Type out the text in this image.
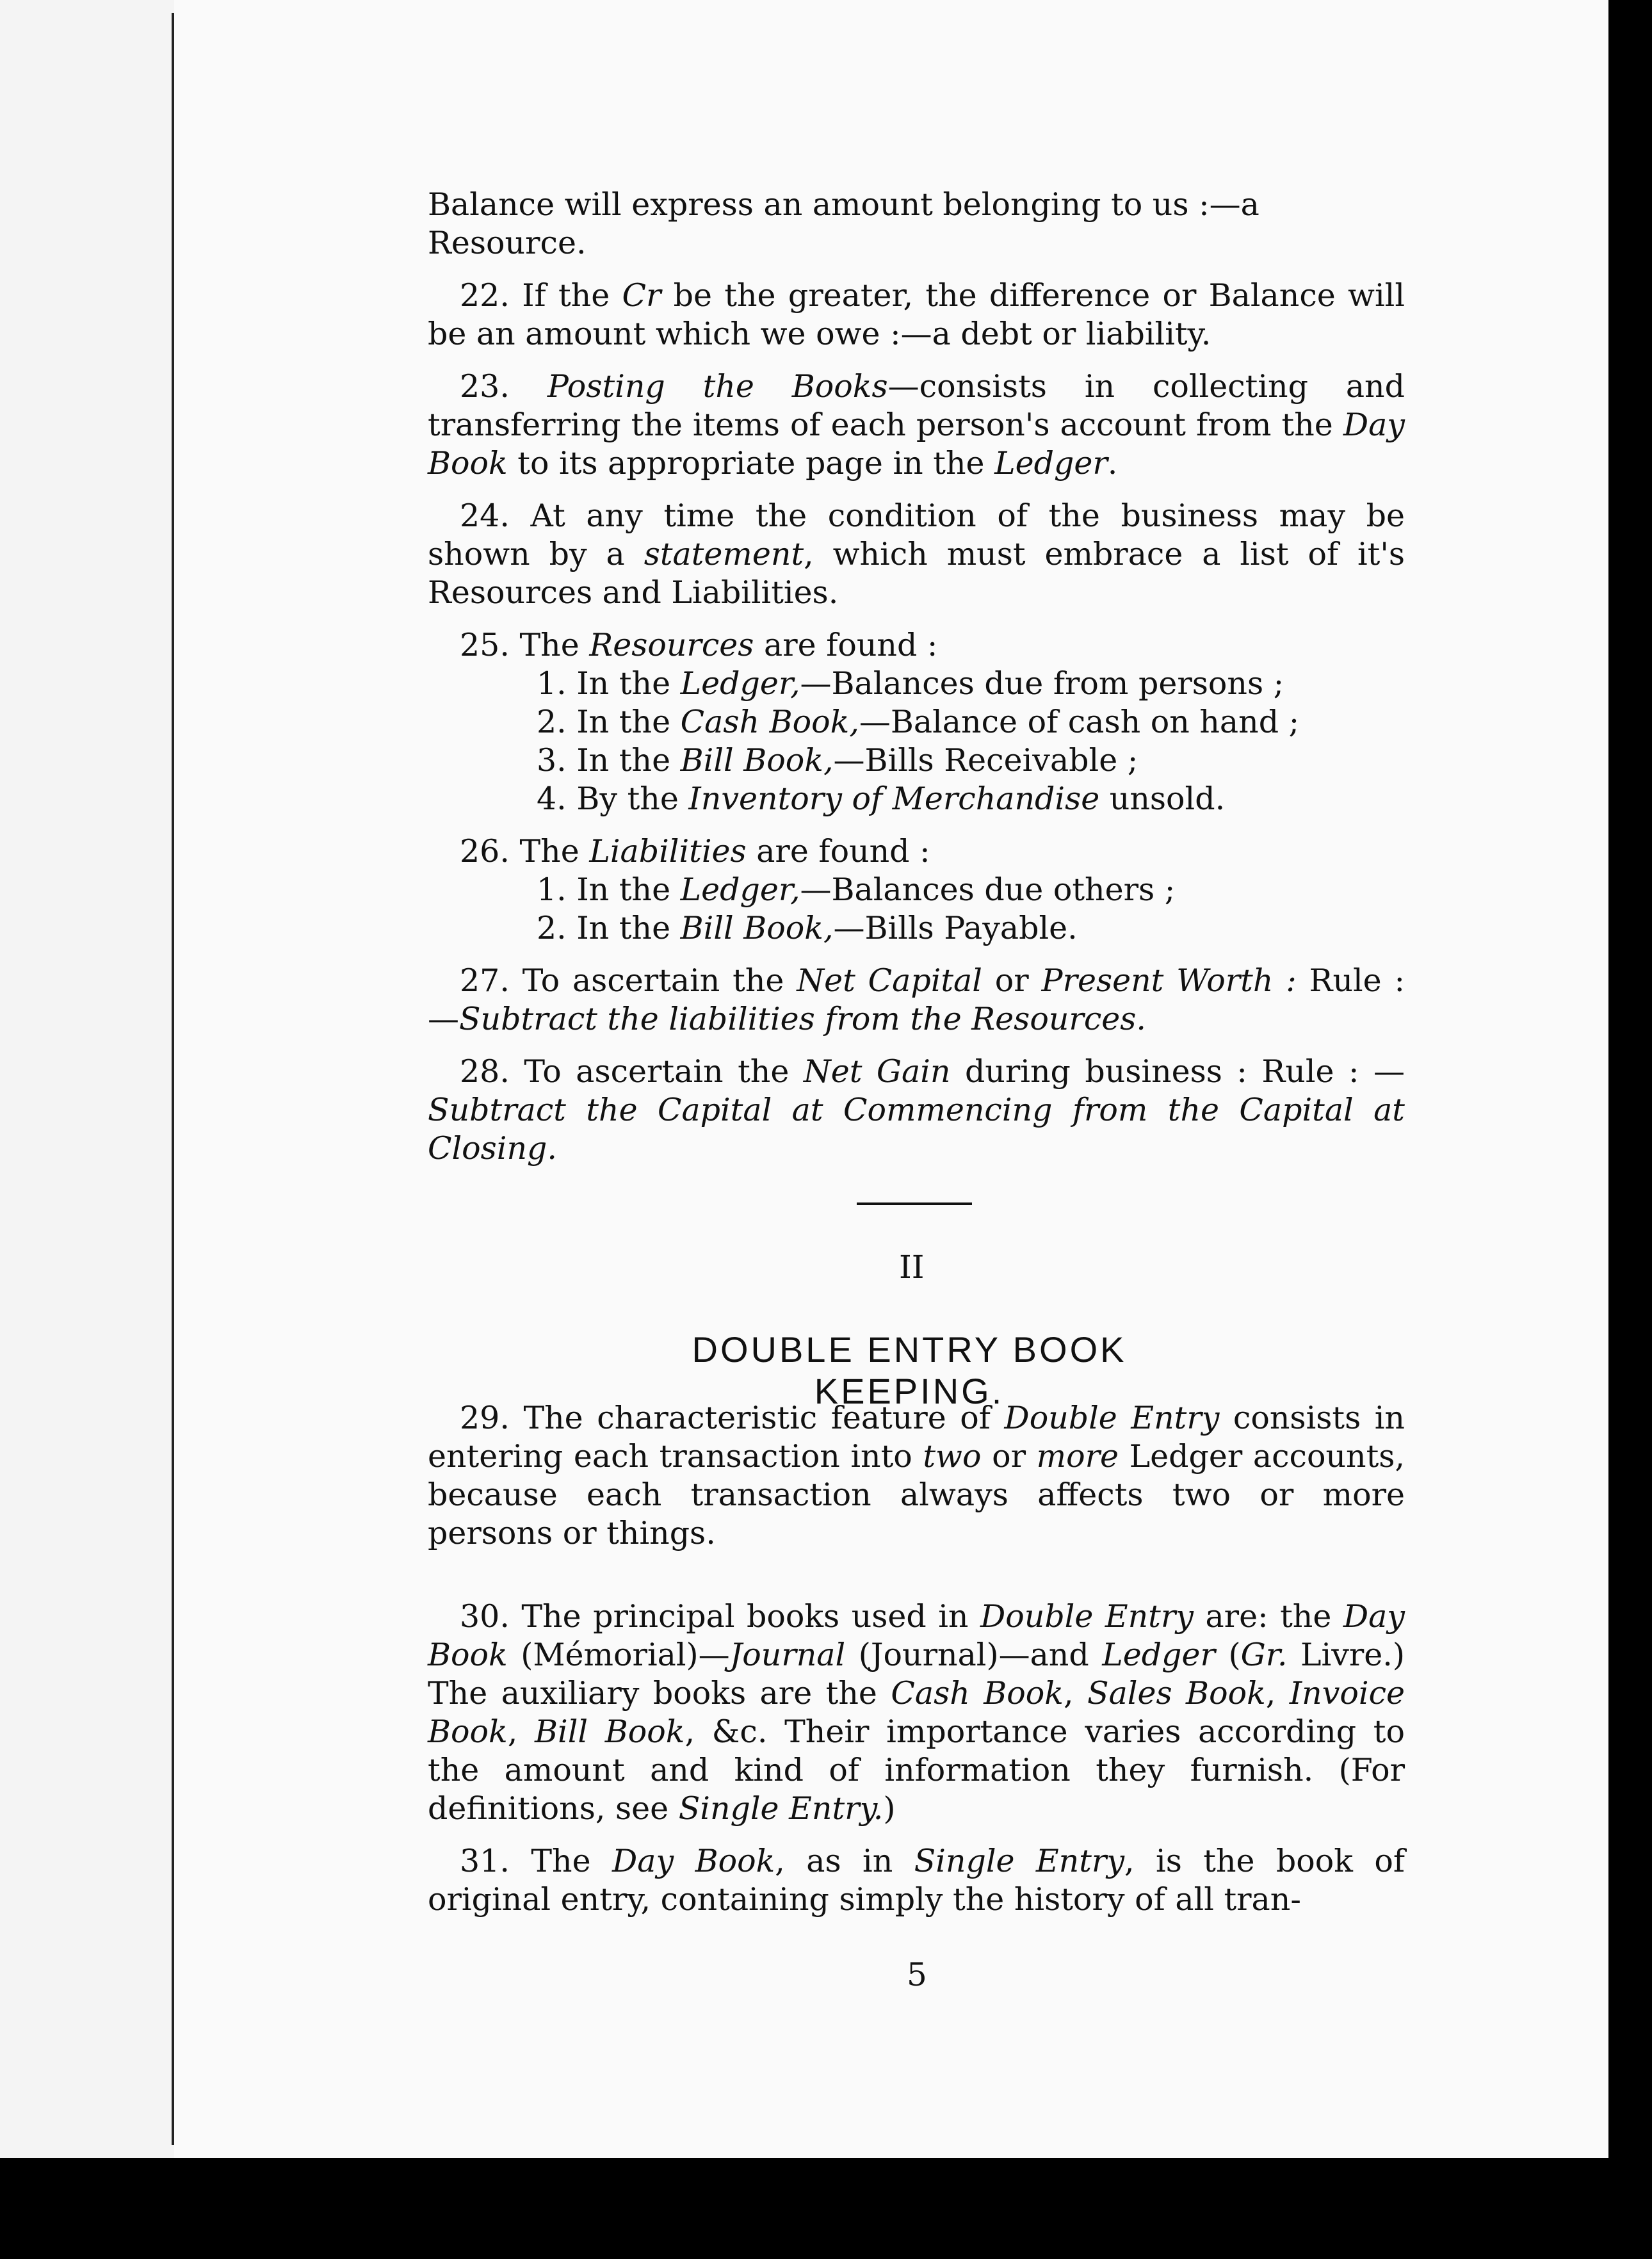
Balance will express an amount belonging to us :—a
Resource.

22. If the Cr be the greater, the difference or Balance will be an amount which we owe :—a debt or liability.

23. Posting the Books—consists in collecting and transferring the items of each person's account from the Day Book to its appropriate page in the Ledger.

24. At any time the condition of the business may be shown by a statement, which must embrace a list of it's Resources and Liabilities.

25. The Resources are found :

1. In the Ledger,—Balances due from persons ;
2. In the Cash Book,—Balance of cash on hand ;
3. In the Bill Book,—Bills Receivable ;
4. By the Inventory of Merchandise unsold.

26. The Liabilities are found :

1. In the Ledger,—Balances due others ;
2. In the Bill Book,—Bills Payable.

27. To ascertain the Net Capital or Present Worth : Rule :—Subtract the liabilities from the Resources.

28. To ascertain the Net Gain during business : Rule : —Subtract the Capital at Commencing from the Capital at Closing.

II
DOUBLE ENTRY BOOK KEEPING.

29. The characteristic feature of Double Entry consists in entering each transaction into two or more Ledger accounts, because each transaction always affects two or more persons or things.

30. The principal books used in Double Entry are: the Day Book (Mémorial)—Journal (Journal)—and Ledger (Gr. Livre.) The auxiliary books are the Cash Book, Sales Book, Invoice Book, Bill Book, &c. Their importance varies according to the amount and kind of information they furnish. (For definitions, see Single Entry.)

31. The Day Book, as in Single Entry, is the book of original entry, containing simply the history of all tran-

5
